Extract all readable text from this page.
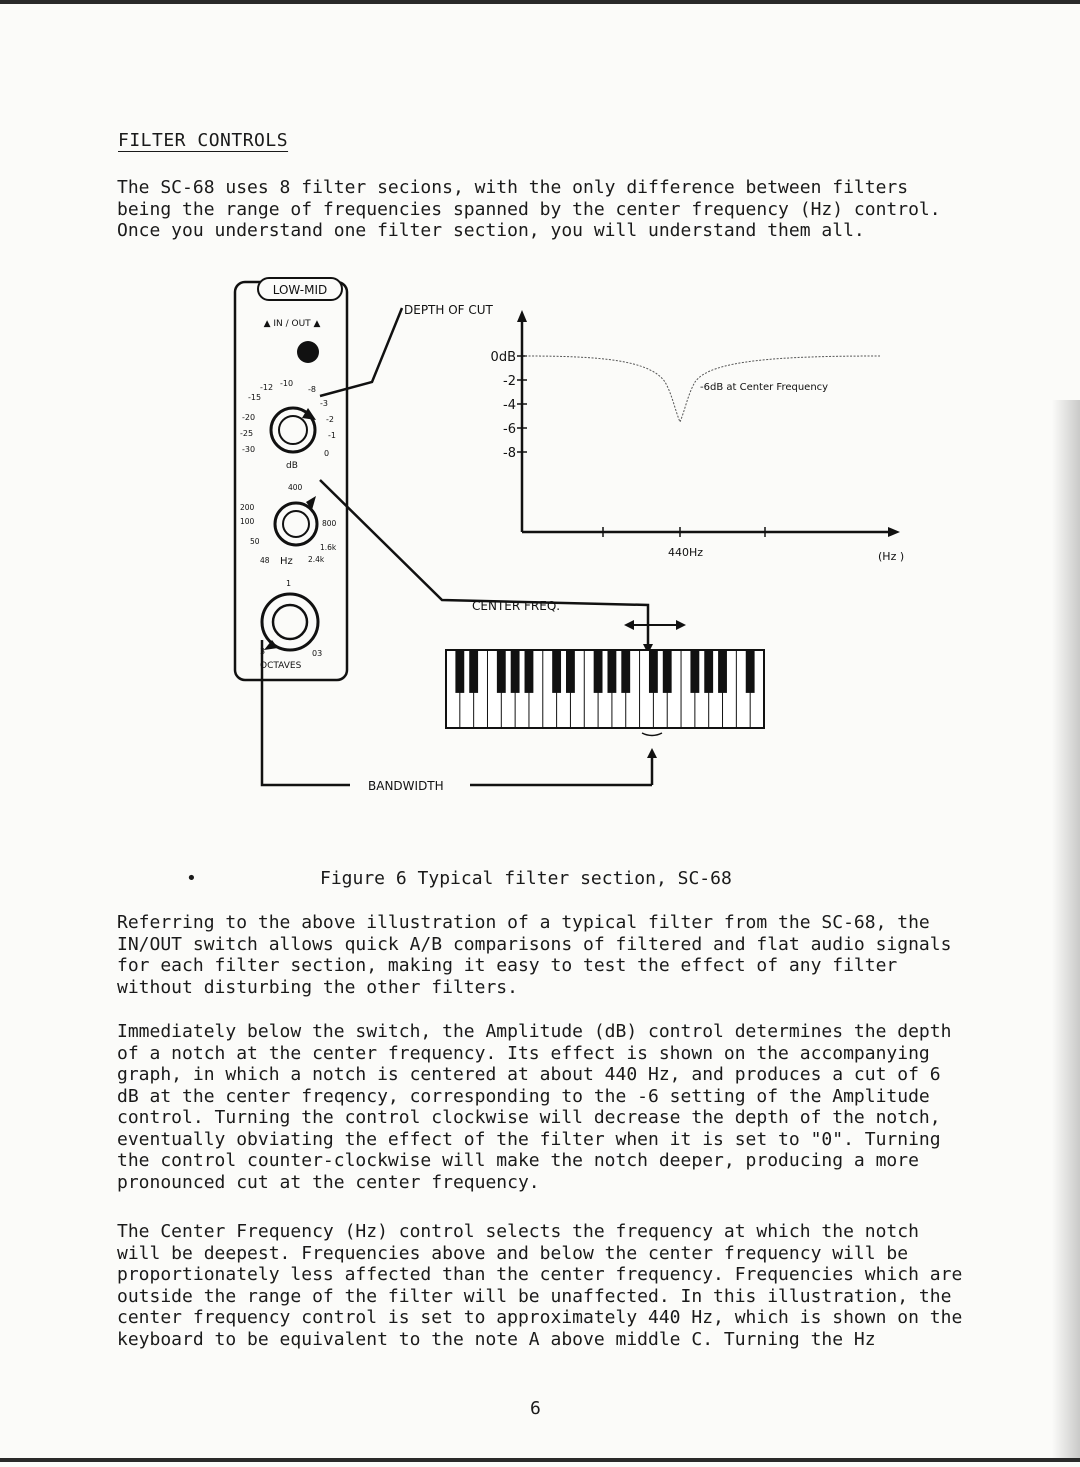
FILTER CONTROLS

The SC-68 uses 8 filter secions, with the only difference between filters being the range of frequencies spanned by the center frequency (Hz) control. Once you understand one filter section, you will understand them all.

LOW-MID
▲ IN / OUT ▲
-12 -10
-8
-15
-3
-20	-2
-25	-1
-30	0
dB
400
200
100	800
50
1.6k
48	2.4k
Hz
1
3	03
OCTAVES
DEPTH OF CUT
CENTER FREQ.
BANDWIDTH
0dB
-2
-4
-6
-8
-6dB at Center Frequency
440Hz	(Hz )
•	Figure 6 Typical filter section, SC-68

Referring to the above illustration of a typical filter from the SC-68, the IN/OUT switch allows quick A/B comparisons of filtered and flat audio signals for each filter section, making it easy to test the effect of any filter without disturbing the other filters.

Immediately below the switch, the Amplitude (dB) control determines the depth of a notch at the center frequency. Its effect is shown on the accompanying graph, in which a notch is centered at about 440 Hz, and produces a cut of 6 dB at the center freqency, corresponding to the -6 setting of the Amplitude control. Turning the control clockwise will decrease the depth of the notch, eventually obviating the effect of the filter when it is set to "0". Turning the control counter-clockwise will make the notch deeper, producing a more pronounced cut at the center frequency.

The Center Frequency (Hz) control selects the frequency at which the notch will be deepest. Frequencies above and below the center frequency will be proportionately less affected than the center frequency. Frequencies which are outside the range of the filter will be unaffected. In this illustration, the center frequency control is set to approximately 440 Hz, which is shown on the keyboard to be equivalent to the note A above middle C. Turning the Hz

6
